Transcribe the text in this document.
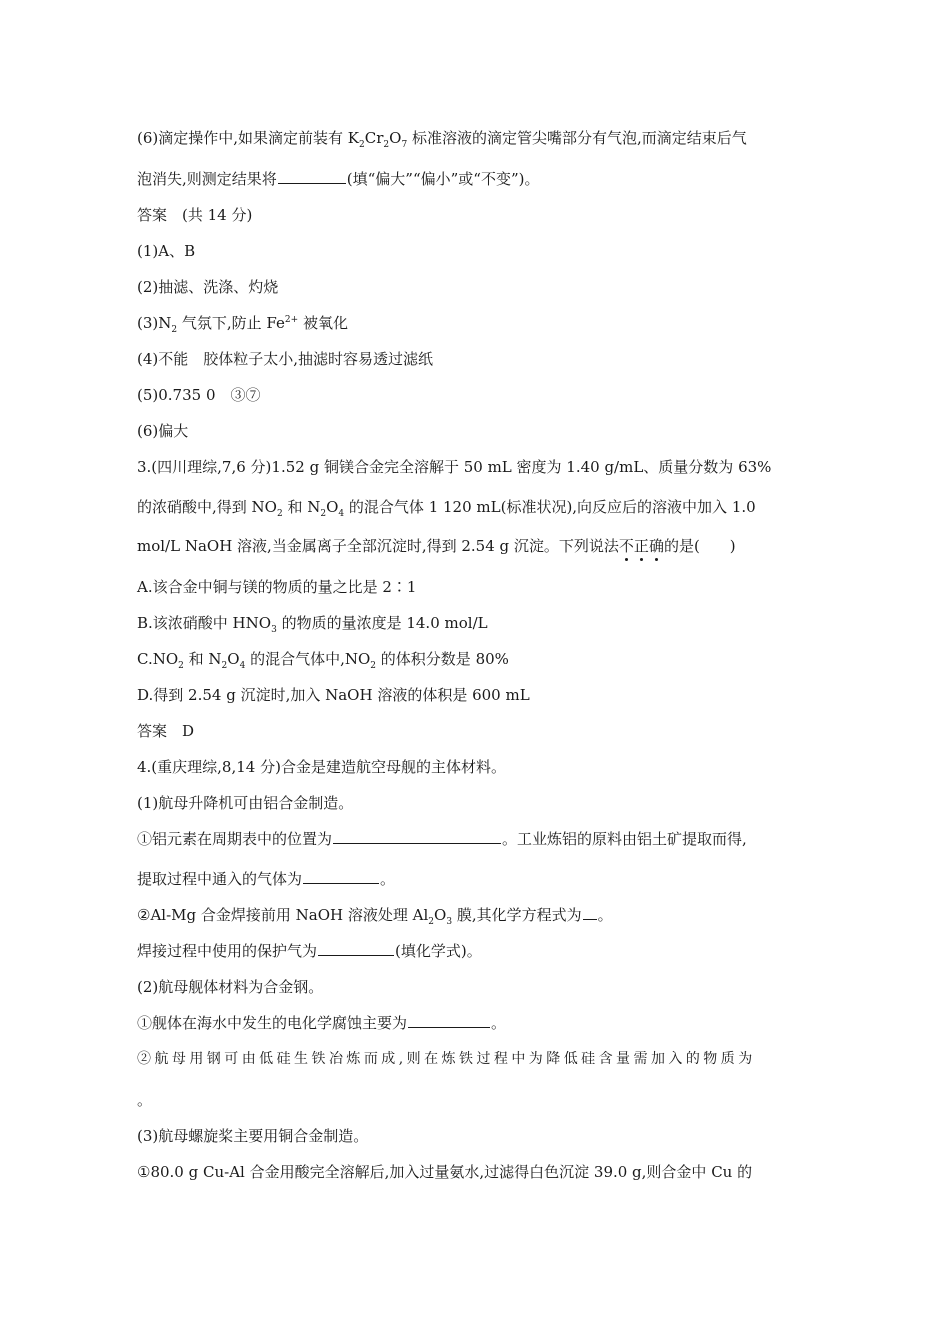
(6)滴定操作中,如果滴定前装有 $K_2Cr_2O_7$ 标准溶液的滴定管尖嘴部分有气泡,而滴定结束后气
泡消失,则测定结果将	(填“偏大”“偏小”或“不变”)。
答案　(共 14 分)
(1)A、B
(2)抽滤、洗涤、灼烧
$(3)N_2$ 气氛下,防止 $Fe^{2+}$ 被氧化
(4)不能　胶体粒子太小,抽滤时容易透过滤纸
(5)0.735 0　③⑦
(6)偏大
3.(四川理综,7,6 分)1.52 g 铜镁合金完全溶解于 50 mL 密度为 1.40 g/mL、质量分数为 63%
的浓硝酸中,得到 $NO_2$ 和 $N_2O_4$ 的混合气体 1 120 mL(标准状况),向反应后的溶液中加入 1.0
mol/L NaOH 溶液,当金属离子全部沉淀时,得到 2.54 g 沉淀。下列说法不正确的是(　　)
A.该合金中铜与镁的物质的量之比是 2∶1
B.该浓硝酸中 $HNO_3$ 的物质的量浓度是 14.0 mol/L
$C.NO_2$ 和 $N_2O_4$ 的混合气体中$,NO_2$ 的体积分数是 80%
D.得到 2.54 g 沉淀时,加入 NaOH 溶液的体积是 600 mL
答案　D
4.(重庆理综,8,14 分)合金是建造航空母舰的主体材料。
(1)航母升降机可由铝合金制造。
①铝元素在周期表中的位置为	。工业炼铝的原料由铝土矿提取而得,
提取过程中通入的气体为	。
②Al-Mg 合金焊接前用 NaOH 溶液处理 $Al_2O_3$ 膜,其化学方程式为 。
焊接过程中使用的保护气为	(填化学式)。
(2)航母舰体材料为合金钢。
①舰体在海水中发生的电化学腐蚀主要为	。
② 航 母 用 钢 可 由 低 硅 生 铁 冶 炼 而 成 , 则 在 炼 铁 过 程 中 为 降 低 硅 含 量 需 加 入 的 物 质 为
。
(3)航母螺旋桨主要用铜合金制造。
①80.0 g Cu-Al 合金用酸完全溶解后,加入过量氨水,过滤得白色沉淀 39.0 g,则合金中 Cu 的
